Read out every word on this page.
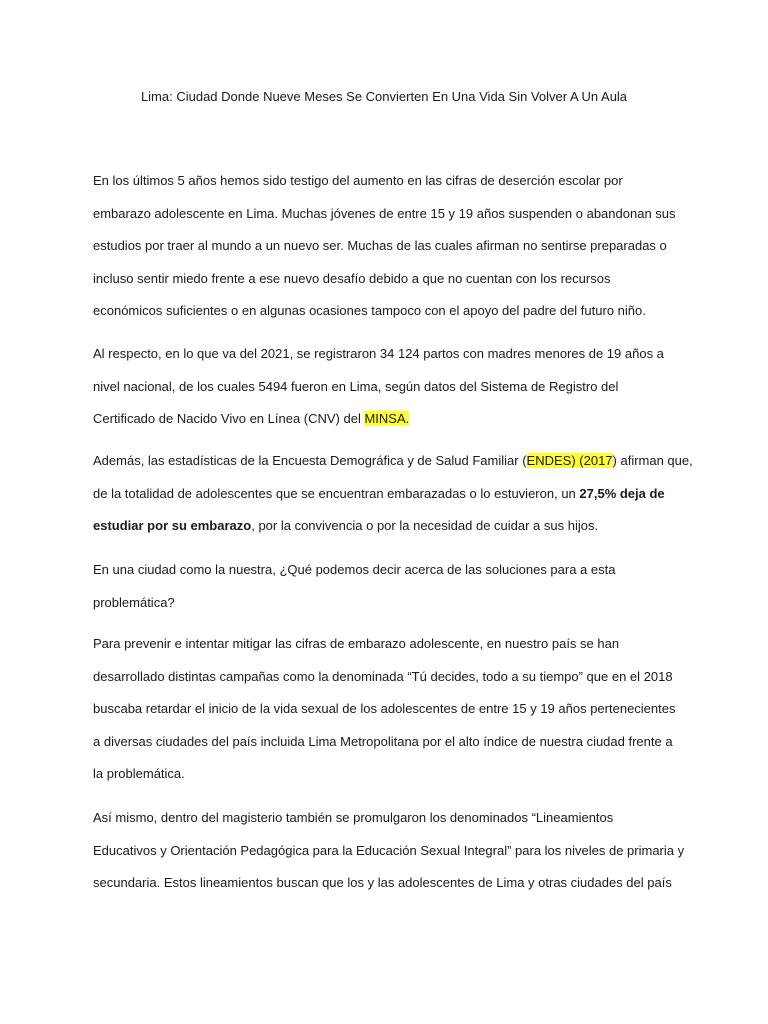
Lima: Ciudad Donde Nueve Meses Se Convierten En Una Vida Sin Volver A Un Aula
En los últimos 5 años hemos sido testigo del aumento en las cifras de deserción escolar por
embarazo adolescente en Lima. Muchas jóvenes de entre 15 y 19 años suspenden o abandonan sus
estudios por traer al mundo a un nuevo ser. Muchas de las cuales afirman no sentirse preparadas o
incluso sentir miedo frente a ese nuevo desafío debido a que no cuentan con los recursos
económicos suficientes o en algunas ocasiones tampoco con el apoyo del padre del futuro niño.
Al respecto, en lo que va del 2021, se registraron 34 124 partos con madres menores de 19 años a
nivel nacional, de los cuales 5494 fueron en Lima, según datos del Sistema de Registro del
Certificado de Nacido Vivo en Línea (CNV) del MINSA.
Además, las estadísticas de la Encuesta Demográfica y de Salud Familiar (ENDES) (2017) afirman que,
de la totalidad de adolescentes que se encuentran embarazadas o lo estuvieron, un 27,5% deja de
estudiar por su embarazo, por la convivencia o por la necesidad de cuidar a sus hijos.
En una ciudad como la nuestra, ¿Qué podemos decir acerca de las soluciones para a esta
problemática?
Para prevenir e intentar mitigar las cifras de embarazo adolescente, en nuestro país se han
desarrollado distintas campañas como la denominada “Tú decides, todo a su tiempo” que en el 2018
buscaba retardar el inicio de la vida sexual de los adolescentes de entre 15 y 19 años pertenecientes
a diversas ciudades del país incluida Lima Metropolitana por el alto índice de nuestra ciudad frente a
la problemática.
Así mismo, dentro del magisterio también se promulgaron los denominados “Lineamientos
Educativos y Orientación Pedagógica para la Educación Sexual Integral” para los niveles de primaria y
secundaria. Estos lineamientos buscan que los y las adolescentes de Lima y otras ciudades del país
